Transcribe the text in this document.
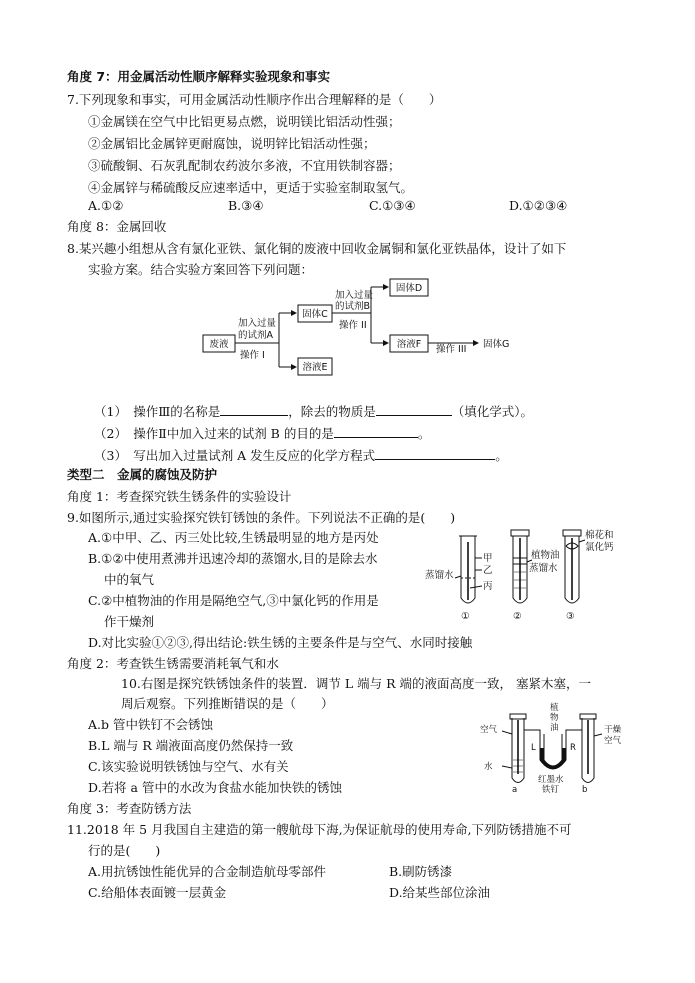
角度 7：用金属活动性顺序解释实验现象和事实
7.下列现象和事实，可用金属活动性顺序作出合理解释的是（　　）
①金属镁在空气中比铝更易点燃，说明镁比铝活动性强；
②金属铝比金属锌更耐腐蚀，说明锌比铝活动性强；
③硫酸铜、石灰乳配制农药波尔多液，不宜用铁制容器；
④金属锌与稀硫酸反应速率适中，更适于实验室制取氢气。
A.①②	B.③④	C.①③④	D.①②③④
角度 8：金属回收
8.某兴趣小组想从含有氯化亚铁、氯化铜的废液中回收金属铜和氯化亚铁晶体，设计了如下
实验方案。结合实验方案回答下列问题：
废液
固体C
溶液E
固体D
溶液F
加入过量
的试剂A
操作 I
加入过量
的试剂B
操作 II
操作 III 固体G
（1）　操作Ⅲ的名称是	，除去的物质是	（填化学式）。
（2）　操作Ⅱ中加入过来的试剂 B 的目的是	。
（3）　写出加入过量试剂 A 发生反应的化学方程式	。
类型二　金属的腐蚀及防护
角度 1：考查探究铁生锈条件的实验设计
9.如图所示,通过实验探究铁钉锈蚀的条件。下列说法不正确的是(　　)
A.①中甲、乙、丙三处比较,生锈最明显的地方是丙处
B.①②中使用煮沸并迅速冷却的蒸馏水,目的是除去水
中的氧气
C.②中植物油的作用是隔绝空气,③中氯化钙的作用是
作干燥剂
D.对比实验①②③,得出结论:铁生锈的主要条件是与空气、水同时接触
甲
乙
丙
蒸馏水
植物油
蒸馏水
棉花和
氯化钙
①	②	③
角度 2：考查铁生锈需要消耗氧气和水
10.右图是探究铁锈蚀条件的装置．调节 L 端与 R 端的液面高度一致， 塞紧木塞，一
周后观察。下列推断错误的是（　　）
A.b 管中铁钉不会锈蚀
B.L 端与 R 端液面高度仍然保持一致
C.该实验说明铁锈蚀与空气、水有关
D.若将 a 管中的水改为食盐水能加快铁的锈蚀
植
物
油
空气	干燥
空气
L	R
水
红墨水
铁钉
a	b
角度 3：考查防锈方法
11.2018 年 5 月我国自主建造的第一艘航母下海,为保证航母的使用寿命,下列防锈措施不可
行的是(　　)
A.用抗锈蚀性能优异的合金制造航母零部件	B.刷防锈漆
C.给船体表面镀一层黄金	D.给某些部位涂油
